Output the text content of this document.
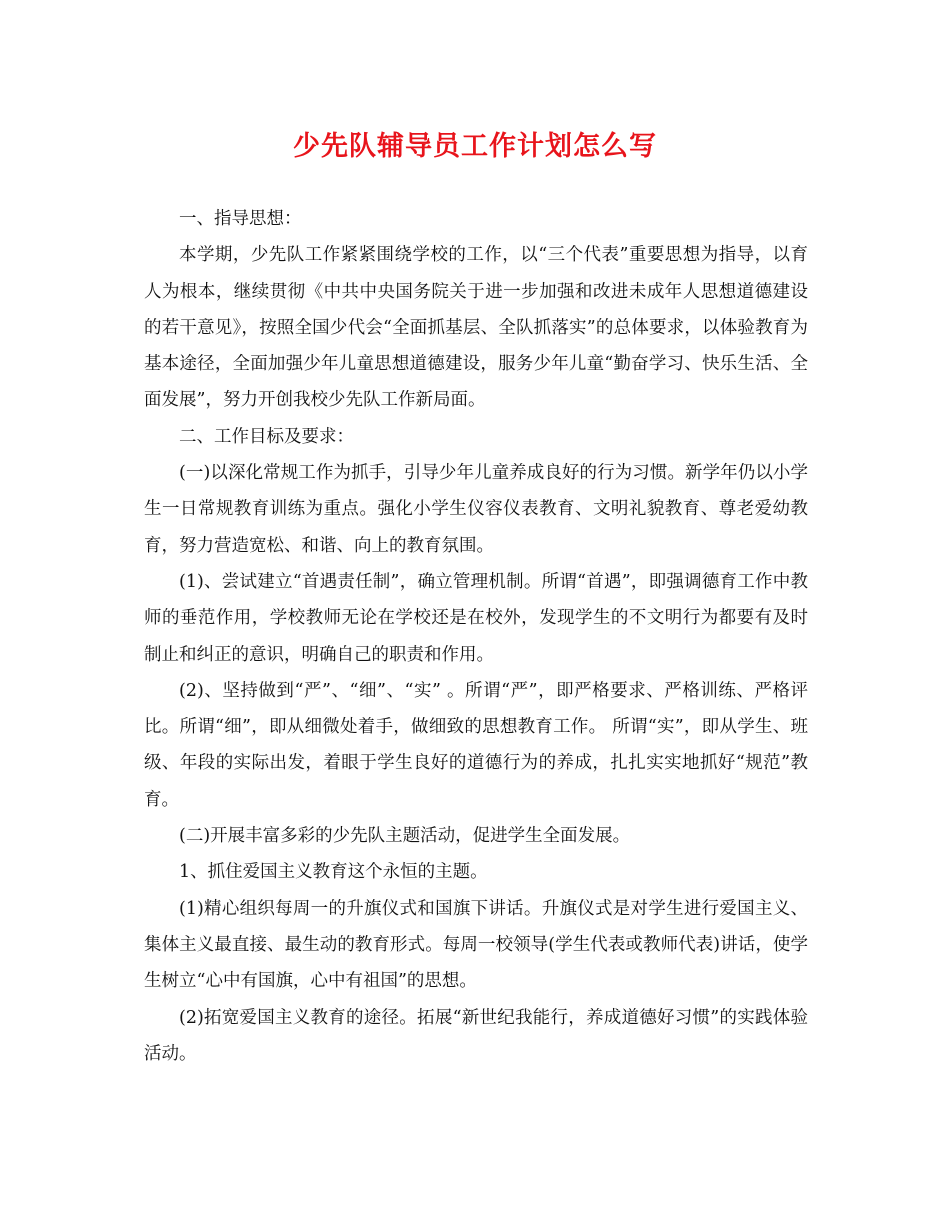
少先队辅导员工作计划怎么写

一、指导思想：

本学期，少先队工作紧紧围绕学校的工作，以“三个代表”重要思想为指导，以育人为根本，继续贯彻《中共中央国务院关于进一步加强和改进未成年人思想道德建设的若干意见》，按照全国少代会“全面抓基层、全队抓落实”的总体要求，以体验教育为基本途径，全面加强少年儿童思想道德建设，服务少年儿童“勤奋学习、快乐生活、全面发展”，努力开创我校少先队工作新局面。

二、工作目标及要求：

(一)以深化常规工作为抓手，引导少年儿童养成良好的行为习惯。新学年仍以小学生一日常规教育训练为重点。强化小学生仪容仪表教育、文明礼貌教育、尊老爱幼教育，努力营造宽松、和谐、向上的教育氛围。

(1)、尝试建立“首遇责任制”，确立管理机制。所谓“首遇”，即强调德育工作中教师的垂范作用，学校教师无论在学校还是在校外，发现学生的不文明行为都要有及时制止和纠正的意识，明确自己的职责和作用。

(2)、坚持做到“严”、“细”、“实” 。所谓“严”，即严格要求、严格训练、严格评比。所谓“细”，即从细微处着手，做细致的思想教育工作。 所谓“实”，即从学生、班级、年段的实际出发，着眼于学生良好的道德行为的养成，扎扎实实地抓好“规范”教育。

(二)开展丰富多彩的少先队主题活动，促进学生全面发展。

1、抓住爱国主义教育这个永恒的主题。

(1)精心组织每周一的升旗仪式和国旗下讲话。升旗仪式是对学生进行爱国主义、集体主义最直接、最生动的教育形式。每周一校领导(学生代表或教师代表)讲话，使学生树立“心中有国旗，心中有祖国”的思想。

(2)拓宽爱国主义教育的途径。拓展“新世纪我能行，养成道德好习惯”的实践体验活动。
